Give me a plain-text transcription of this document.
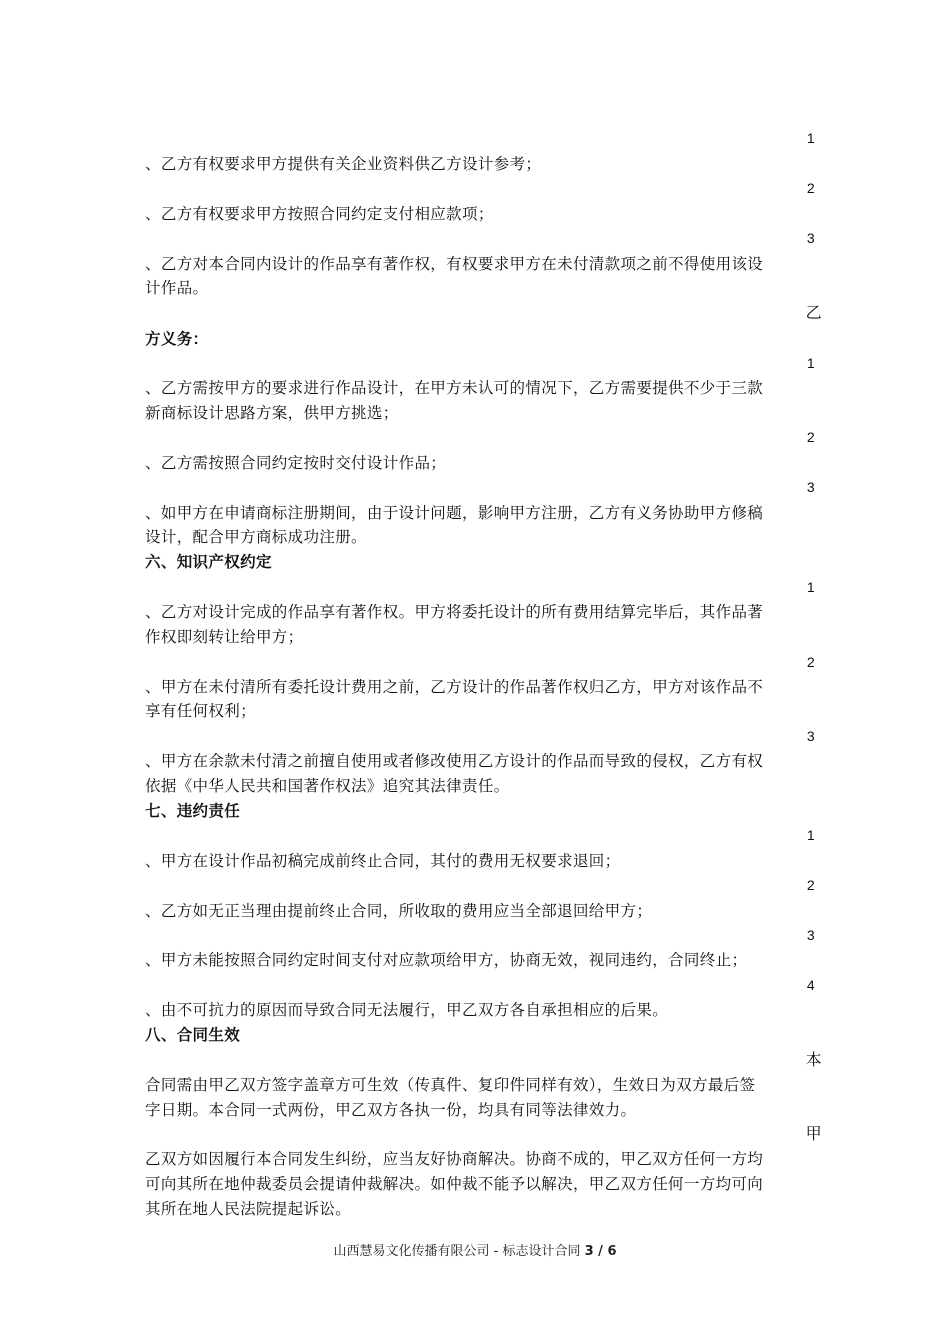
1
、乙方有权要求甲方提供有关企业资料供乙方设计参考；
2
、乙方有权要求甲方按照合同约定支付相应款项；
3
、乙方对本合同内设计的作品享有著作权，有权要求甲方在未付清款项之前不得使用该设
计作品。
乙
方义务：
1
、乙方需按甲方的要求进行作品设计，在甲方未认可的情况下，乙方需要提供不少于三款
新商标设计思路方案，供甲方挑选；
2
、乙方需按照合同约定按时交付设计作品；
3
、如甲方在申请商标注册期间，由于设计问题，影响甲方注册，乙方有义务协助甲方修稿
设计，配合甲方商标成功注册。
六、知识产权约定
1
、乙方对设计完成的作品享有著作权。甲方将委托设计的所有费用结算完毕后，其作品著
作权即刻转让给甲方；
2
、甲方在未付清所有委托设计费用之前，乙方设计的作品著作权归乙方，甲方对该作品不
享有任何权利；
3
、甲方在余款未付清之前擅自使用或者修改使用乙方设计的作品而导致的侵权，乙方有权
依据《中华人民共和国著作权法》追究其法律责任。
七、违约责任
1
、甲方在设计作品初稿完成前终止合同，其付的费用无权要求退回；
2
、乙方如无正当理由提前终止合同，所收取的费用应当全部退回给甲方；
3
、甲方未能按照合同约定时间支付对应款项给甲方，协商无效，视同违约，合同终止；
4
、由不可抗力的原因而导致合同无法履行，甲乙双方各自承担相应的后果。
八、合同生效
本
合同需由甲乙双方签字盖章方可生效（传真件、复印件同样有效），生效日为双方最后签
字日期。本合同一式两份，甲乙双方各执一份，均具有同等法律效力。
甲
乙双方如因履行本合同发生纠纷，应当友好协商解决。协商不成的，甲乙双方任何一方均
可向其所在地仲裁委员会提请仲裁解决。如仲裁不能予以解决，甲乙双方任何一方均可向
其所在地人民法院提起诉讼。
山西慧易文化传播有限公司 - 标志设计合同 3 / 6
